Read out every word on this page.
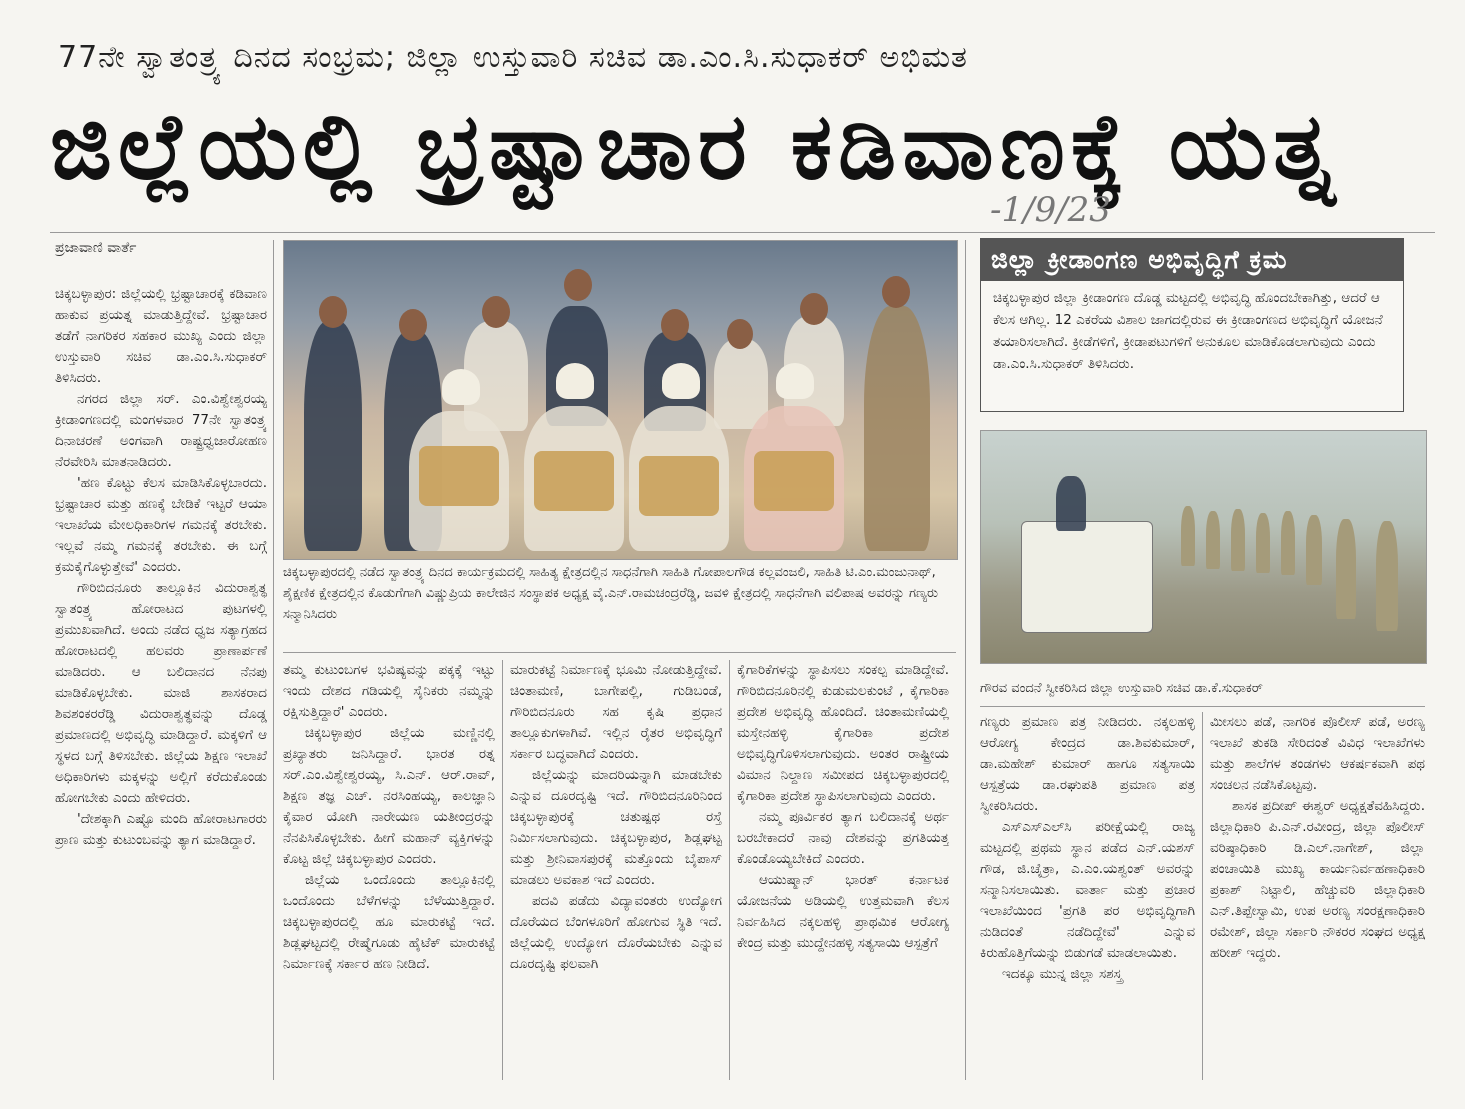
77ನೇ ಸ್ವಾತಂತ್ರ್ಯ ದಿನದ ಸಂಭ್ರಮ; ಜಿಲ್ಲಾ ಉಸ್ತುವಾರಿ ಸಚಿವ ಡಾ.ಎಂ.ಸಿ.ಸುಧಾಕರ್ ಅಭಿಮತ
ಜಿಲ್ಲೆಯಲ್ಲಿ ಭ್ರಷ್ಟಾಚಾರ ಕಡಿವಾಣಕ್ಕೆ ಯತ್ನ
-1/9/23
ಪ್ರಜಾವಾಣಿ ವಾರ್ತೆ

ಚಿಕ್ಕಬಳ್ಳಾಪುರ: ಜಿಲ್ಲೆಯಲ್ಲಿ ಭ್ರಷ್ಟಾಚಾರಕ್ಕೆ ಕಡಿವಾಣ ಹಾಕುವ ಪ್ರಯತ್ನ ಮಾಡುತ್ತಿದ್ದೇವೆ. ಭ್ರಷ್ಟಾಚಾರ ತಡೆಗೆ ನಾಗರಿಕರ ಸಹಕಾರ ಮುಖ್ಯ ಎಂದು ಜಿಲ್ಲಾ ಉಸ್ತುವಾರಿ ಸಚಿವ ಡಾ.ಎಂ.ಸಿ.ಸುಧಾಕರ್ ತಿಳಿಸಿದರು.

ನಗರದ ಜಿಲ್ಲಾ ಸರ್. ಎಂ.ವಿಶ್ವೇಶ್ವರಯ್ಯ ಕ್ರೀಡಾಂಗಣದಲ್ಲಿ ಮಂಗಳವಾರ 77ನೇ ಸ್ವಾತಂತ್ರ್ಯ ದಿನಾಚರಣೆ ಅಂಗವಾಗಿ ರಾಷ್ಟ್ರಧ್ವಜಾರೋಹಣ ನೆರವೇರಿಸಿ ಮಾತನಾಡಿದರು.

'ಹಣ ಕೊಟ್ಟು ಕೆಲಸ ಮಾಡಿಸಿಕೊಳ್ಳಬಾರದು. ಭ್ರಷ್ಟಾಚಾರ ಮತ್ತು ಹಣಕ್ಕೆ ಬೇಡಿಕೆ ಇಟ್ಟರೆ ಆಯಾ ಇಲಾಖೆಯ ಮೇಲಧಿಕಾರಿಗಳ ಗಮನಕ್ಕೆ ತರಬೇಕು. ಇಲ್ಲವೆ ನಮ್ಮ ಗಮನಕ್ಕೆ ತರಬೇಕು. ಈ ಬಗ್ಗೆ ಕ್ರಮಕೈಗೊಳ್ಳುತ್ತೇವೆ' ಎಂದರು.

ಗೌರಿಬಿದನೂರು ತಾಲ್ಲೂಕಿನ ವಿದುರಾಶ್ವತ್ಥ ಸ್ವಾತಂತ್ರ್ಯ ಹೋರಾಟದ ಪುಟಗಳಲ್ಲಿ ಪ್ರಮುಖವಾಗಿದೆ. ಅಂದು ನಡೆದ ಧ್ವಜ ಸತ್ಯಾಗ್ರಹದ ಹೋರಾಟದಲ್ಲಿ ಹಲವರು ಪ್ರಾಣಾರ್ಪಣೆ ಮಾಡಿದರು. ಆ ಬಲಿದಾನದ ನೆನಪು ಮಾಡಿಕೊಳ್ಳಬೇಕು. ಮಾಜಿ ಶಾಸಕರಾದ ಶಿವಶಂಕರರೆಡ್ಡಿ ವಿದುರಾಶ್ವತ್ಥವನ್ನು ದೊಡ್ಡ ಪ್ರಮಾಣದಲ್ಲಿ ಅಭಿವೃದ್ಧಿ ಮಾಡಿದ್ದಾರೆ. ಮಕ್ಕಳಿಗೆ ಆ ಸ್ಥಳದ ಬಗ್ಗೆ ತಿಳಿಸಬೇಕು. ಜಿಲ್ಲೆಯ ಶಿಕ್ಷಣ ಇಲಾಖೆ ಅಧಿಕಾರಿಗಳು ಮಕ್ಕಳನ್ನು ಅಲ್ಲಿಗೆ ಕರೆದುಕೊಂಡು ಹೋಗಬೇಕು ಎಂದು ಹೇಳಿದರು.

'ದೇಶಕ್ಕಾಗಿ ಎಷ್ಟೊ ಮಂದಿ ಹೋರಾಟಗಾರರು ಪ್ರಾಣ ಮತ್ತು ಕುಟುಂಬವನ್ನು ತ್ಯಾಗ ಮಾಡಿದ್ದಾರೆ.

ಚಿಕ್ಕಬಳ್ಳಾಪುರದಲ್ಲಿ ನಡೆದ ಸ್ವಾತಂತ್ರ್ಯ ದಿನದ ಕಾರ್ಯಕ್ರಮದಲ್ಲಿ ಸಾಹಿತ್ಯ ಕ್ಷೇತ್ರದಲ್ಲಿನ ಸಾಧನೆಗಾಗಿ ಸಾಹಿತಿ ಗೋಪಾಲಗೌಡ ಕಲ್ಲವಂಜಲಿ, ಸಾಹಿತಿ ಟಿ.ಎಂ.ಮಂಜುನಾಥ್, ಶೈಕ್ಷಣಿಕ ಕ್ಷೇತ್ರದಲ್ಲಿನ ಕೊಡುಗೆಗಾಗಿ ವಿಷ್ಣುಪ್ರಿಯ ಕಾಲೇಜಿನ ಸಂಸ್ಥಾಪಕ ಅಧ್ಯಕ್ಷ ವೈ.ಎನ್.ರಾಮಚಂದ್ರರೆಡ್ಡಿ, ಜವಳಿ ಕ್ಷೇತ್ರದಲ್ಲಿ ಸಾಧನೆಗಾಗಿ ವಲಿಪಾಷ ಅವರನ್ನು ಗಣ್ಯರು ಸನ್ಮಾನಿಸಿದರು

ತಮ್ಮ ಕುಟುಂಬಗಳ ಭವಿಷ್ಯವನ್ನು ಪಕ್ಕಕ್ಕೆ ಇಟ್ಟು ಇಂದು ದೇಶದ ಗಡಿಯಲ್ಲಿ ಸೈನಿಕರು ನಮ್ಮನ್ನು ರಕ್ಷಿಸುತ್ತಿದ್ದಾರೆ' ಎಂದರು.

ಚಿಕ್ಕಬಳ್ಳಾಪುರ ಜಿಲ್ಲೆಯ ಮಣ್ಣಿನಲ್ಲಿ ಪ್ರಖ್ಯಾತರು ಜನಿಸಿದ್ದಾರೆ. ಭಾರತ ರತ್ನ ಸರ್.ಎಂ.ವಿಶ್ವೇಶ್ವರಯ್ಯ, ಸಿ.ಎನ್. ಆರ್.ರಾವ್, ಶಿಕ್ಷಣ ತಜ್ಞ ಎಚ್. ನರಸಿಂಹಯ್ಯ, ಕಾಲಜ್ಞಾನಿ ಕೈವಾರ ಯೋಗಿ ನಾರೇಯಣ ಯತೀಂದ್ರರನ್ನು ನೆನಪಿಸಿಕೊಳ್ಳಬೇಕು. ಹೀಗೆ ಮಹಾನ್ ವ್ಯಕ್ತಿಗಳನ್ನು ಕೊಟ್ಟ ಜಿಲ್ಲೆ ಚಿಕ್ಕಬಳ್ಳಾಪುರ ಎಂದರು.

ಜಿಲ್ಲೆಯ ಒಂದೊಂದು ತಾಲ್ಲೂಕಿನಲ್ಲಿ ಒಂದೊಂದು ಬೆಳೆಗಳನ್ನು ಬೆಳೆಯುತ್ತಿದ್ದಾರೆ. ಚಿಕ್ಕಬಳ್ಳಾಪುರದಲ್ಲಿ ಹೂ ಮಾರುಕಟ್ಟೆ ಇದೆ. ಶಿಡ್ಲಘಟ್ಟದಲ್ಲಿ ರೇಷ್ಮೆಗೂಡು ಹೈಟೆಕ್ ಮಾರುಕಟ್ಟೆ ನಿರ್ಮಾಣಕ್ಕೆ ಸರ್ಕಾರ ಹಣ ನೀಡಿದೆ.

ಮಾರುಕಟ್ಟೆ ನಿರ್ಮಾಣಕ್ಕೆ ಭೂಮಿ ನೋಡುತ್ತಿದ್ದೇವೆ. ಚಿಂತಾಮಣಿ, ಬಾಗೇಪಲ್ಲಿ, ಗುಡಿಬಂಡೆ, ಗೌರಿಬಿದನೂರು ಸಹ ಕೃಷಿ ಪ್ರಧಾನ ತಾಲ್ಲೂಕುಗಳಾಗಿವೆ. ಇಲ್ಲಿನ ರೈತರ ಅಭಿವೃದ್ಧಿಗೆ ಸರ್ಕಾರ ಬದ್ಧವಾಗಿದೆ ಎಂದರು.

ಜಿಲ್ಲೆಯನ್ನು ಮಾದರಿಯನ್ನಾಗಿ ಮಾಡಬೇಕು ಎನ್ನುವ ದೂರದೃಷ್ಟಿ ಇದೆ. ಗೌರಿಬಿದನೂರಿನಿಂದ ಚಿಕ್ಕಬಳ್ಳಾಪುರಕ್ಕೆ ಚತುಷ್ಪಥ ರಸ್ತೆ ನಿರ್ಮಿಸಲಾಗುವುದು. ಚಿಕ್ಕಬಳ್ಳಾಪುರ, ಶಿಡ್ಲಘಟ್ಟ ಮತ್ತು ಶ್ರೀನಿವಾಸಪುರಕ್ಕೆ ಮತ್ತೊಂದು ಬೈಪಾಸ್ ಮಾಡಲು ಅವಕಾಶ ಇದೆ ಎಂದರು.

ಪದವಿ ಪಡೆದು ವಿದ್ಯಾವಂತರು ಉದ್ಯೋಗ ದೊರೆಯದ ಬೆಂಗಳೂರಿಗೆ ಹೋಗುವ ಸ್ಥಿತಿ ಇದೆ. ಜಿಲ್ಲೆಯಲ್ಲಿ ಉದ್ಯೋಗ ದೊರೆಯಬೇಕು ಎನ್ನುವ ದೂರದೃಷ್ಟಿ ಫಲವಾಗಿ

ಕೈಗಾರಿಕೆಗಳನ್ನು ಸ್ಥಾಪಿಸಲು ಸಂಕಲ್ಪ ಮಾಡಿದ್ದೇವೆ. ಗೌರಿಬಿದನೂರಿನಲ್ಲಿ ಕುಡುಮಲಕುಂಟೆ , ಕೈಗಾರಿಕಾ ಪ್ರದೇಶ ಅಭಿವೃದ್ಧಿ ಹೊಂದಿದೆ. ಚಿಂತಾಮಣಿಯಲ್ಲಿ ಮಸ್ತೇನಹಳ್ಳಿ ಕೈಗಾರಿಕಾ ಪ್ರದೇಶ ಅಭಿವೃದ್ಧಿಗೊಳಿಸಲಾಗುವುದು. ಅಂತರ ರಾಷ್ಟ್ರೀಯ ವಿಮಾನ ನಿಲ್ದಾಣ ಸಮೀಪದ ಚಿಕ್ಕಬಳ್ಳಾಪುರದಲ್ಲಿ ಕೈಗಾರಿಕಾ ಪ್ರದೇಶ ಸ್ಥಾಪಿಸಲಾಗುವುದು ಎಂದರು.

ನಮ್ಮ ಪೂರ್ವಿಕರ ತ್ಯಾಗ ಬಲಿದಾನಕ್ಕೆ ಅರ್ಥ ಬರಬೇಕಾದರೆ ನಾವು ದೇಶವನ್ನು ಪ್ರಗತಿಯತ್ತ ಕೊಂಡೊಯ್ಯಬೇಕಿದೆ ಎಂದರು.

ಆಯುಷ್ಮಾನ್ ಭಾರತ್ ಕರ್ನಾಟಕ ಯೋಜನೆಯ ಅಡಿಯಲ್ಲಿ ಉತ್ತಮವಾಗಿ ಕೆಲಸ ನಿರ್ವಹಿಸಿದ ನಕ್ಕಲಹಳ್ಳಿ ಪ್ರಾಥಮಿಕ ಆರೋಗ್ಯ ಕೇಂದ್ರ ಮತ್ತು ಮುದ್ದೇನಹಳ್ಳಿ ಸತ್ಯಸಾಯಿ ಆಸ್ಪತ್ರೆಗೆ

ಜಿಲ್ಲಾ ಕ್ರೀಡಾಂಗಣ ಅಭಿವೃದ್ಧಿಗೆ ಕ್ರಮ
ಚಿಕ್ಕಬಳ್ಳಾಪುರ ಜಿಲ್ಲಾ ಕ್ರೀಡಾಂಗಣ ದೊಡ್ಡ ಮಟ್ಟದಲ್ಲಿ ಅಭಿವೃದ್ಧಿ ಹೊಂದಬೇಕಾಗಿತ್ತು, ಆದರೆ ಆ ಕೆಲಸ ಆಗಿಲ್ಲ. 12 ಎಕರೆಯ ವಿಶಾಲ ಜಾಗದಲ್ಲಿರುವ ಈ ಕ್ರೀಡಾಂಗಣದ ಅಭಿವೃದ್ಧಿಗೆ ಯೋಜನೆ ತಯಾರಿಸಲಾಗಿದೆ. ಕ್ರೀಡೆಗಳಿಗೆ, ಕ್ರೀಡಾಪಟುಗಳಿಗೆ ಅನುಕೂಲ ಮಾಡಿಕೊಡಲಾಗುವುದು ಎಂದು ಡಾ.ಎಂ.ಸಿ.ಸುಧಾಕರ್ ತಿಳಿಸಿದರು.
ಗೌರವ ವಂದನೆ ಸ್ವೀಕರಿಸಿದ ಜಿಲ್ಲಾ ಉಸ್ತುವಾರಿ ಸಚಿವ ಡಾ.ಕೆ.ಸುಧಾಕರ್

ಗಣ್ಯರು ಪ್ರಮಾಣ ಪತ್ರ ನೀಡಿದರು. ನಕ್ಕಲಹಳ್ಳಿ ಆರೋಗ್ಯ ಕೇಂದ್ರದ ಡಾ.ಶಿವಕುಮಾರ್, ಡಾ.ಮಹೇಶ್ ಕುಮಾರ್ ಹಾಗೂ ಸತ್ಯಸಾಯಿ ಆಸ್ಪತ್ರೆಯ ಡಾ.ರಘುಪತಿ ಪ್ರಮಾಣ ಪತ್ರ ಸ್ವೀಕರಿಸಿದರು.

ಎಸ್ಎಸ್ಎಲ್‌ಸಿ ಪರೀಕ್ಷೆಯಲ್ಲಿ ರಾಜ್ಯ ಮಟ್ಟದಲ್ಲಿ ಪ್ರಥಮ ಸ್ಥಾನ ಪಡೆದ ಎನ್.ಯಶಸ್ ಗೌಡ, ಜಿ.ಚೈತ್ರಾ, ಎ.ಎಂ.ಯಶ್ವಂತ್ ಅವರನ್ನು ಸನ್ಮಾನಿಸಲಾಯಿತು. ವಾರ್ತಾ ಮತ್ತು ಪ್ರಚಾರ ಇಲಾಖೆಯಿಂದ 'ಪ್ರಗತಿ ಪರ ಅಭಿವೃದ್ಧಿಗಾಗಿ ನುಡಿದಂತೆ ನಡೆದಿದ್ದೇವೆ' ಎನ್ನುವ ಕಿರುಹೊತ್ತಿಗೆಯನ್ನು ಬಿಡುಗಡೆ ಮಾಡಲಾಯಿತು.

ಇದಕ್ಕೂ ಮುನ್ನ ಜಿಲ್ಲಾ ಸಶಸ್ತ್ರ

ಮೀಸಲು ಪಡೆ, ನಾಗರಿಕ ಪೊಲೀಸ್ ಪಡೆ, ಅರಣ್ಯ ಇಲಾಖೆ ತುಕಡಿ ಸೇರಿದಂತೆ ವಿವಿಧ ಇಲಾಖೆಗಳು ಮತ್ತು ಶಾಲೆಗಳ ತಂಡಗಳು ಆಕರ್ಷಕವಾಗಿ ಪಥ ಸಂಚಲನ ನಡೆಸಿಕೊಟ್ಟವು.

ಶಾಸಕ ಪ್ರದೀಪ್ ಈಶ್ವರ್ ಅಧ್ಯಕ್ಷತೆವಹಿಸಿದ್ದರು. ಜಿಲ್ಲಾಧಿಕಾರಿ ಪಿ.ಎನ್.ರವೀಂದ್ರ, ಜಿಲ್ಲಾ ಪೊಲೀಸ್ ವರಿಷ್ಠಾಧಿಕಾರಿ ಡಿ.ಎಲ್.ನಾಗೇಶ್, ಜಿಲ್ಲಾ ಪಂಚಾಯಿತಿ ಮುಖ್ಯ ಕಾರ್ಯನಿರ್ವಹಣಾಧಿಕಾರಿ ಪ್ರಕಾಶ್ ನಿಟ್ಟಾಲಿ, ಹೆಚ್ಚುವರಿ ಜಿಲ್ಲಾಧಿಕಾರಿ ಎನ್.ತಿಪ್ಪೇಸ್ವಾಮಿ, ಉಪ ಅರಣ್ಯ ಸಂರಕ್ಷಣಾಧಿಕಾರಿ ರಮೇಶ್, ಜಿಲ್ಲಾ ಸರ್ಕಾರಿ ನೌಕರರ ಸಂಘದ ಅಧ್ಯಕ್ಷ ಹರೀಶ್ ಇದ್ದರು.
